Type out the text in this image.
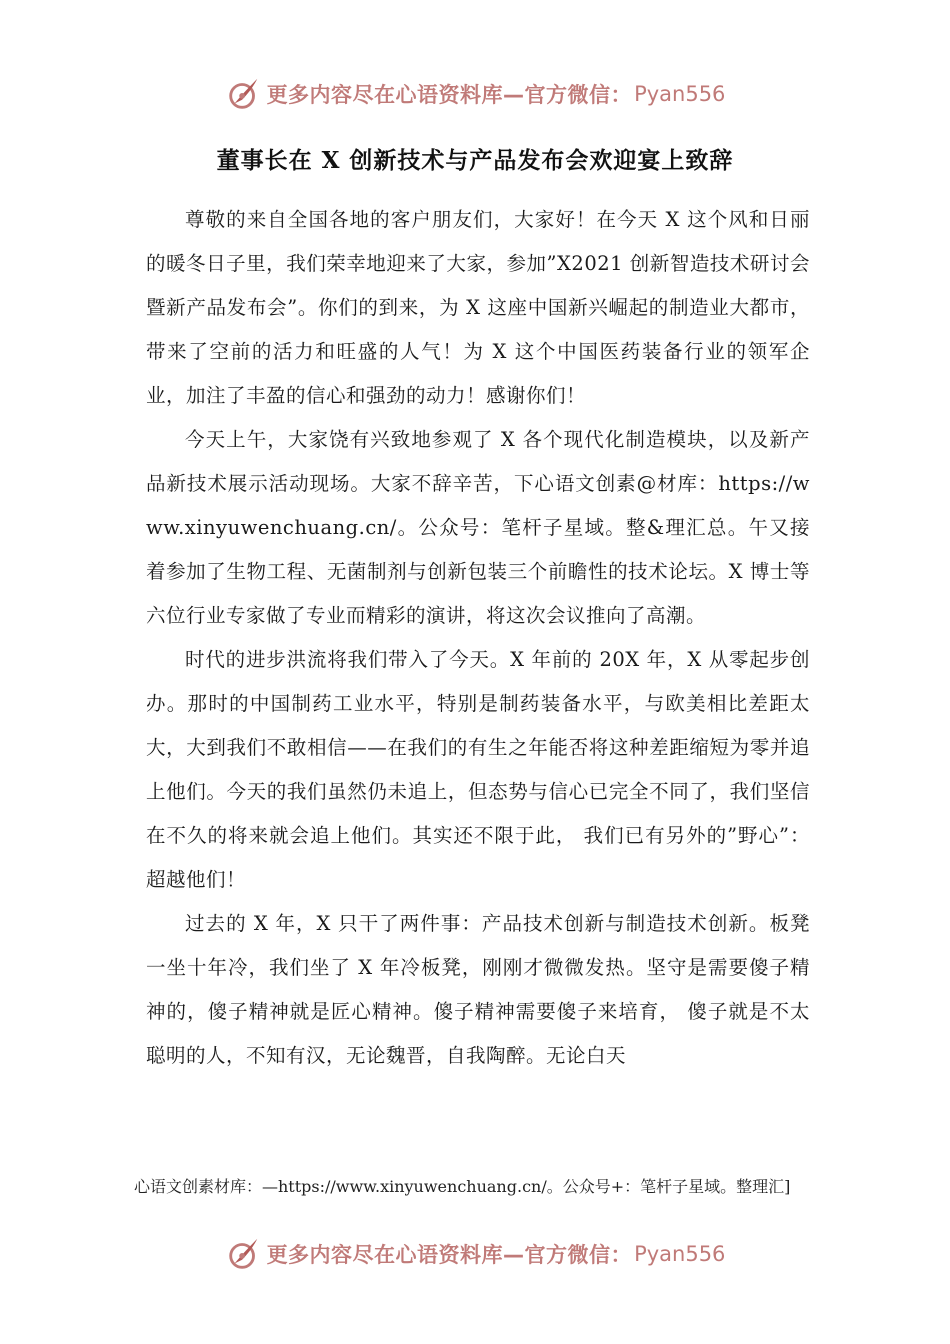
更多内容尽在心语资料库—官方微信： Pyan556
董事长在 X 创新技术与产品发布会欢迎宴上致辞

尊敬的来自全国各地的客户朋友们，大家好！在今天 X 这个风和日丽的暖冬日子里，我们荣幸地迎来了大家，参加”X2021 创新智造技术研讨会暨新产品发布会”。你们的到来，为 X 这座中国新兴崛起的制造业大都市，带来了空前的活力和旺盛的人气！为 X 这个中国医药装备行业的领军企业，加注了丰盈的信心和强劲的动力！感谢你们！

今天上午，大家饶有兴致地参观了 X 各个现代化制造模块，以及新产品新技术展示活动现场。大家不辞辛苦，下心语文创素@材库：https://www.xinyuwenchuang.cn/。公众号：笔杆子星域。整&理汇总。午又接着参加了生物工程、无菌制剂与创新包装三个前瞻性的技术论坛。X 博士等六位行业专家做了专业而精彩的演讲，将这次会议推向了高潮。

时代的进步洪流将我们带入了今天。X 年前的 20X 年，X 从零起步创办。那时的中国制药工业水平，特别是制药装备水平，与欧美相比差距太大，大到我们不敢相信——在我们的有生之年能否将这种差距缩短为零并追上他们。今天的我们虽然仍未追上，但态势与信心已完全不同了，我们坚信在不久的将来就会追上他们。其实还不限于此， 我们已有另外的”野心”：超越他们！

过去的 X 年，X 只干了两件事：产品技术创新与制造技术创新。板凳一坐十年冷，我们坐了 X 年冷板凳，刚刚才微微发热。坚守是需要傻子精神的，傻子精神就是匠心精神。傻子精神需要傻子来培育， 傻子就是不太聪明的人，不知有汉，无论魏晋，自我陶醉。无论白天

心语文创素材库：—https://www.xinyuwenchuang.cn/。公众号+：笔杆子星域。整理汇]
更多内容尽在心语资料库—官方微信： Pyan556
